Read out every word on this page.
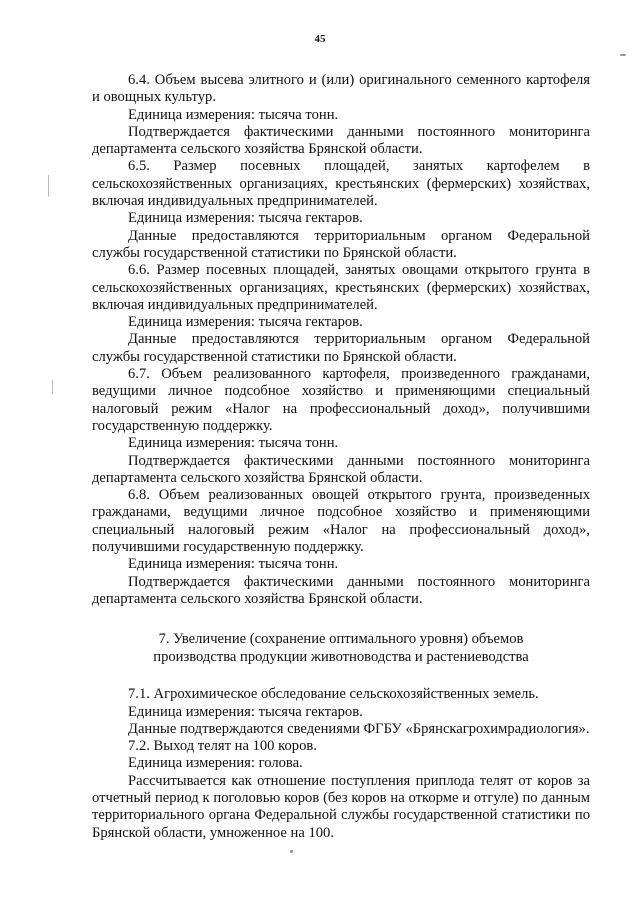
45

6.4. Объем высева элитного и (или) оригинального семенного картофеля и овощных культур.

Единица измерения: тысяча тонн.

Подтверждается фактическими данными постоянного мониторинга департамента сельского хозяйства Брянской области.

6.5. Размер посевных площадей, занятых картофелем в сельскохозяйственных организациях, крестьянских (фермерских) хозяйствах, включая индивидуальных предпринимателей.

Единица измерения: тысяча гектаров.

Данные предоставляются территориальным органом Федеральной службы государственной статистики по Брянской области.

6.6. Размер посевных площадей, занятых овощами открытого грунта в сельскохозяйственных организациях, крестьянских (фермерских) хозяйствах, включая индивидуальных предпринимателей.

Единица измерения: тысяча гектаров.

Данные предоставляются территориальным органом Федеральной службы государственной статистики по Брянской области.

6.7. Объем реализованного картофеля, произведенного гражданами, ведущими личное подсобное хозяйство и применяющими специальный налоговый режим «Налог на профессиональный доход», получившими государственную поддержку.

Единица измерения: тысяча тонн.

Подтверждается фактическими данными постоянного мониторинга департамента сельского хозяйства Брянской области.

6.8. Объем реализованных овощей открытого грунта, произведенных гражданами, ведущими личное подсобное хозяйство и применяющими специальный налоговый режим «Налог на профессиональный доход», получившими государственную поддержку.

Единица измерения: тысяча тонн.

Подтверждается фактическими данными постоянного мониторинга департамента сельского хозяйства Брянской области.

7. Увеличение (сохранение оптимального уровня) объемов
производства продукции животноводства и растениеводства

7.1. Агрохимическое обследование сельскохозяйственных земель.

Единица измерения: тысяча гектаров.

Данные подтверждаются сведениями ФГБУ «Брянскагрохимрадиология».

7.2. Выход телят на 100 коров.

Единица измерения: голова.

Рассчитывается как отношение поступления приплода телят от коров за отчетный период к поголовью коров (без коров на откорме и отгуле) по данным территориального органа Федеральной службы государственной статистики по Брянской области, умноженное на 100.
